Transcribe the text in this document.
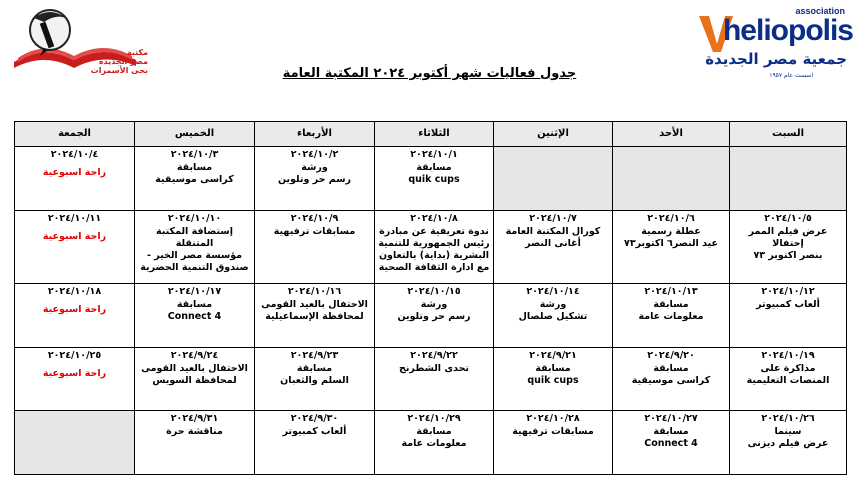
مكتبة
مصر الجديدة
بحى الأسمرات
association
heliopolis
جمعية مصر الجديدة
اسست عام ١٩٥٧
جدول فعاليات شهر أكتوبر ٢٠٢٤ المكتبة العامة
السبت	الأحد	الإثنين	الثلاثاء	الأربعاء	الخميس	الجمعة

			٢٠٢٤/١٠/١
مسابقة
quik cups	٢٠٢٤/١٠/٢
ورشة
رسم حر وتلوين	٢٠٢٤/١٠/٣
مسابقة
كراسى موسيقية	٢٠٢٤/١٠/٤
راحة اسبوعية

٢٠٢٤/١٠/٥
عرض فيلم الممر
إحتفالا
بنصر اكتوبر ٧٣	٢٠٢٤/١٠/٦
عطلة رسمية
عيد النصر٦ اكتوبر٧٣	٢٠٢٤/١٠/٧
كورال المكتبة العامة
أغانى النصر	٢٠٢٤/١٠/٨
ندوة تعريفية عن مبادرة
رئيس الجمهورية للتنمية
البشرية (بداية) بالتعاون
مع ادارة الثقافة الصحية	٢٠٢٤/١٠/٩
مسابقات ترفيهية	٢٠٢٤/١٠/١٠
إستضافة المكتبة المتنقلة
مؤسسة مصر الخير -
صندوق التنمية الحضرية	٢٠٢٤/١٠/١١
راحة اسبوعية

٢٠٢٤/١٠/١٢
ألعاب كمبيوتر	٢٠٢٤/١٠/١٣
مسابقة
معلومات عامة	٢٠٢٤/١٠/١٤
ورشة
تشكيل صلصال	٢٠٢٤/١٠/١٥
ورشة
رسم حر وتلوين	٢٠٢٤/١٠/١٦
الاحتفال بالعيد القومى
لمحافظة الإسماعيلية	٢٠٢٤/١٠/١٧
مسابقة
Connect 4	٢٠٢٤/١٠/١٨
راحة اسبوعية

٢٠٢٤/١٠/١٩
مذاكرة على
المنصات التعليمية	٢٠٢٤/٩/٢٠
مسابقة
كراسى موسيقية	٢٠٢٤/٩/٢١
مسابقة
quik cups	٢٠٢٤/٩/٢٢
تحدى الشطرنج	٢٠٢٤/٩/٢٣
مسابقة
السلم والثعبان	٢٠٢٤/٩/٢٤
الاحتفال بالعيد القومى
لمحافظة السويس	٢٠٢٤/١٠/٢٥
راحة اسبوعية

٢٠٢٤/١٠/٢٦
سينما
عرض فيلم ديزنى	٢٠٢٤/١٠/٢٧
مسابقة
Connect 4	٢٠٢٤/١٠/٢٨
مسابقات ترفيهية	٢٠٢٤/١٠/٢٩
مسابقة
معلومات عامة	٢٠٢٤/٩/٣٠
ألعاب كمبيوتر	٢٠٢٤/٩/٣١
مناقشة حرة	
